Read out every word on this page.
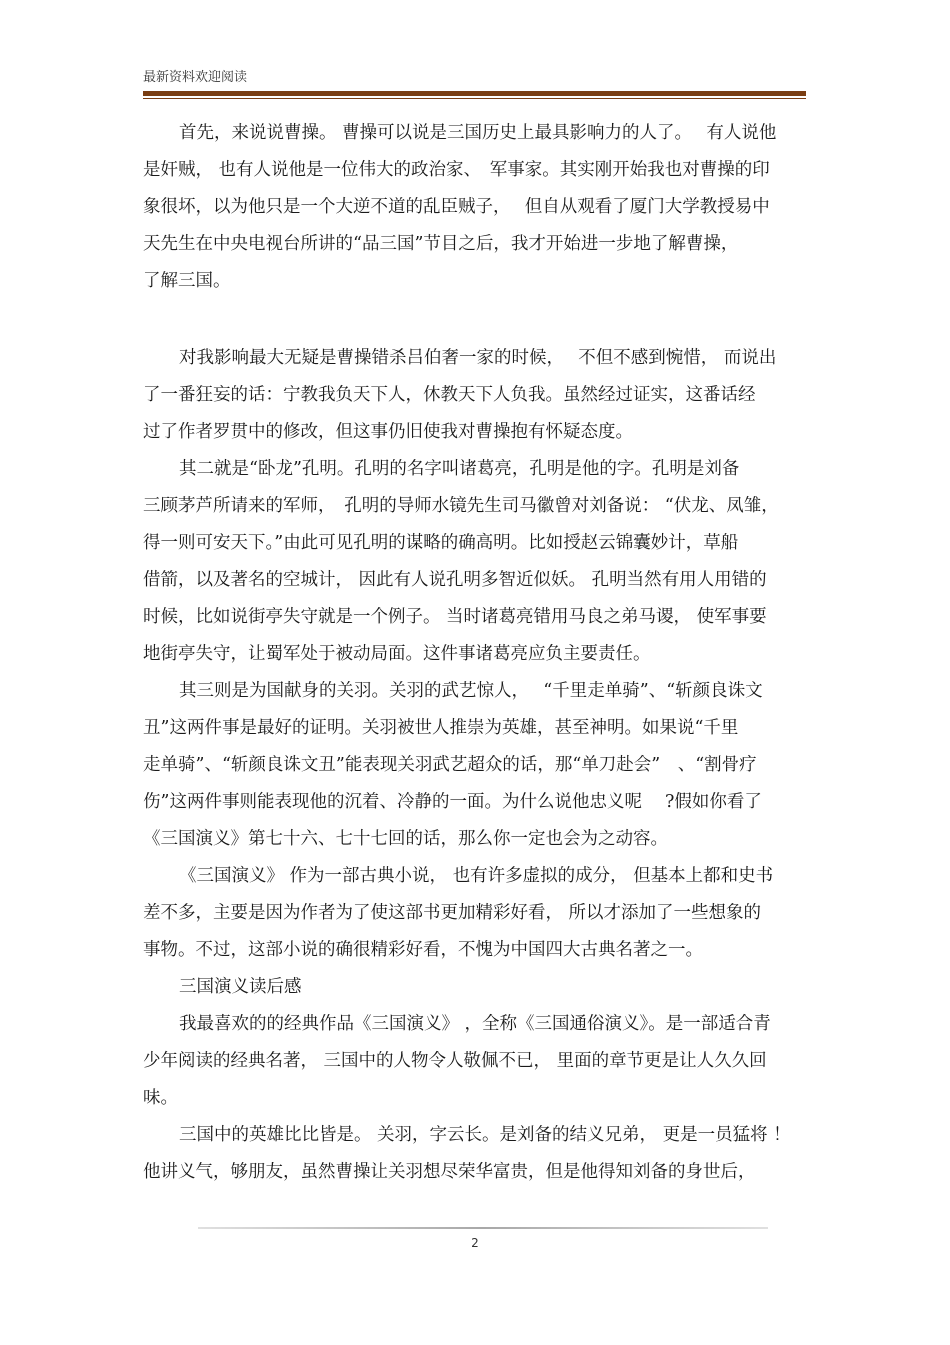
最新资料欢迎阅读
首先，来说说曹操。 曹操可以说是三国历史上最具影响力的人了。　 有人说他
是奸贼， 也有人说他是一位伟大的政治家、　军事家。其实刚开始我也对曹操的印
象很坏，以为他只是一个大逆不道的乱臣贼子，　 但自从观看了厦门大学教授易中
天先生在中央电视台所讲的“品三国”节目之后，我才开始进一步地了解曹操，
了解三国。
对我影响最大无疑是曹操错杀吕伯奢一家的时候，　 不但不感到惋惜， 而说出
了一番狂妄的话：宁教我负天下人，休教天下人负我。虽然经过证实，这番话经
过了作者罗贯中的修改，但这事仍旧使我对曹操抱有怀疑态度。
其二就是“卧龙”孔明。孔明的名字叫诸葛亮，孔明是他的字。孔明是刘备
三顾茅芦所请来的军师，　孔明的导师水镜先生司马徽曾对刘备说： “伏龙、凤雏，
得一则可安天下。”由此可见孔明的谋略的确高明。比如授赵云锦囊妙计，草船
借箭，以及著名的空城计， 因此有人说孔明多智近似妖。 孔明当然有用人用错的
时候，比如说街亭失守就是一个例子。 当时诸葛亮错用马良之弟马谡， 使军事要
地街亭失守，让蜀军处于被动局面。这件事诸葛亮应负主要责任。
其三则是为国献身的关羽。关羽的武艺惊人，　 “千里走单骑”、“斩颜良诛文
丑”这两件事是最好的证明。关羽被世人推崇为英雄，甚至神明。如果说“千里
走单骑”、“斩颜良诛文丑”能表现关羽武艺超众的话，那“单刀赴会”　、“割骨疗
伤”这两件事则能表现他的沉着、冷静的一面。为什么说他忠义呢　 ?假如你看了
《三国演义》第七十六、七十七回的话，那么你一定也会为之动容。
《三国演义》 作为一部古典小说， 也有许多虚拟的成分， 但基本上都和史书
差不多，主要是因为作者为了使这部书更加精彩好看， 所以才添加了一些想象的
事物。不过，这部小说的确很精彩好看，不愧为中国四大古典名著之一。
三国演义读后感
我最喜欢的的经典作品《三国演义》 ，全称《三国通俗演义》。是一部适合青
少年阅读的经典名著， 三国中的人物令人敬佩不已， 里面的章节更是让人久久回
味。
三国中的英雄比比皆是。 关羽，字云长。是刘备的结义兄弟， 更是一员猛将 ！
他讲义气，够朋友，虽然曹操让关羽想尽荣华富贵，但是他得知刘备的身世后，
2
